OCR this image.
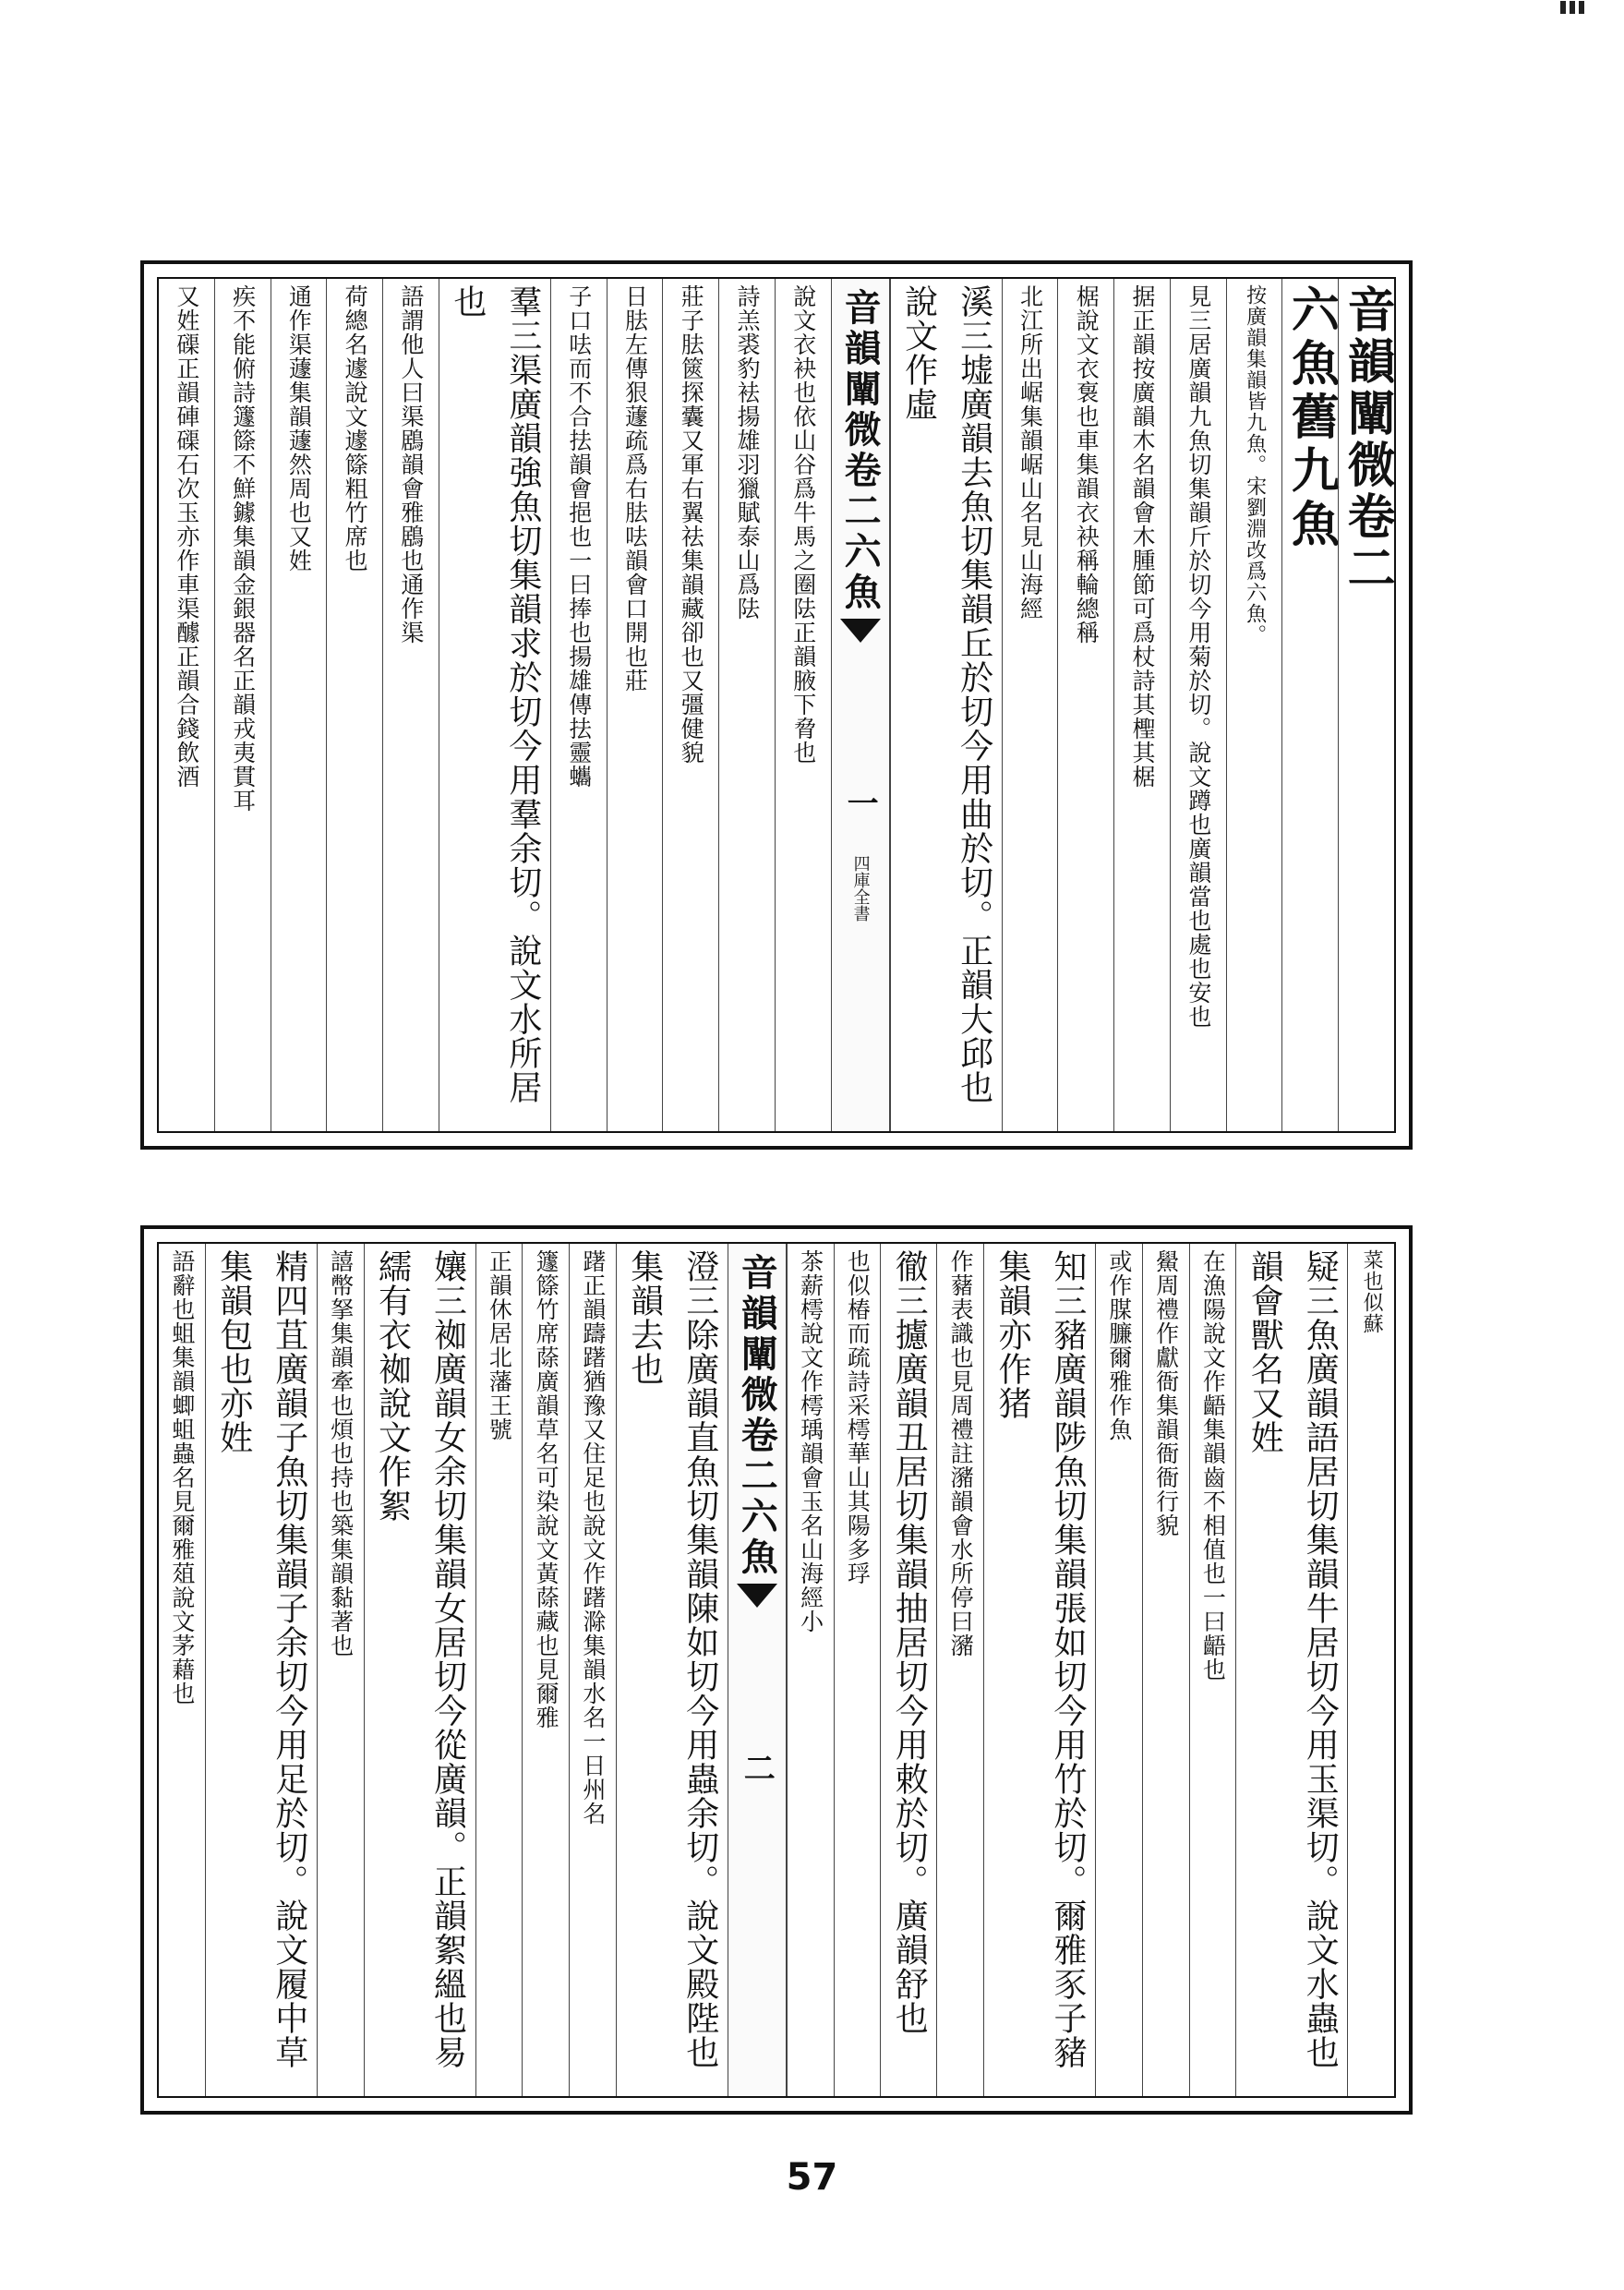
音韻闡微卷二
六魚舊九魚
按廣韻集韻皆九魚。宋劉淵改爲六魚。
見三居廣韻九魚切集韻斤於切今用菊於切。說文蹲也廣韻當也處也安也
据正韻按廣韻木名韻會木腫節可爲杖詩其檉其椐
椐說文衣袌也車集韻衣袂稱輪總稱
北江所出崌集韻崌山名見山海經
溪三墟廣韻去魚切集韻丘於切今用曲於切。正韻大邱也說文作虛
音韻闡微卷二六魚
一
四庫全書
說文衣袂也依山谷爲牛馬之圈阹正韻腋下脅也
詩羔裘豹袪揚雄羽獵賦泰山爲阹
莊子胠篋探囊又軍右翼祛集韻藏卻也又彊健貌
日胠左傳狠蘧疏爲右胠呿韻會口開也莊
子口呿而不合抾韻會挹也一曰捧也揚雄傳抾靈蠵
羣三渠廣韻強魚切集韻求於切今用羣余切。說文水所居也
語謂他人曰渠鶋韻會雅鶋也通作渠
荷總名遽說文遽篨粗竹席也
通作渠蘧集韻蘧然周也又姓
疾不能俯詩籧篨不鮮鐻集韻金銀器名正韻戎夷貫耳
又姓磲正韻硨磲石次玉亦作車渠醵正韻合錢飲酒
菜也似蘇
疑三魚廣韻語居切集韻牛居切今用玉渠切。說文水蟲也韻會獸名又姓
在漁陽說文作齬集韻齒不相值也一曰齬也
鱟周禮作獻衙集韻衙衙行貌
或作腜臁爾雅作魚
知三豬廣韻陟魚切集韻張如切今用竹於切。爾雅豕子豬集韻亦作猪
作藸表識也見周禮註瀦韻會水所停曰瀦
徹三攄廣韻丑居切集韻抽居切今用敕於切。廣韻舒也
也似椿而疏詩采樗華山其陽多琈
茶薪樗說文作樗瑀韻會玉名山海經小
音韻闡微卷二六魚
二
澄三除廣韻直魚切集韻陳如切今用蟲余切。說文殿陛也集韻去也
躇正韻躊躇猶豫又住足也說文作躇滁集韻水名一日州名
籧篨竹席蒢廣韻草名可染說文黃蒢藏也見爾雅
正韻休居北藩王號
孃三袽廣韻女余切集韻女居切今從廣韻。正韻絮縕也易繻有衣袽說文作絮
譆幣拏集韻牽也煩也持也築集韻黏著也
精四苴廣韻子魚切集韻子余切今用足於切。說文履中草集韻包也亦姓
語辭也蛆集韻蝍蛆蟲名見爾雅葅說文茅藉也
57
